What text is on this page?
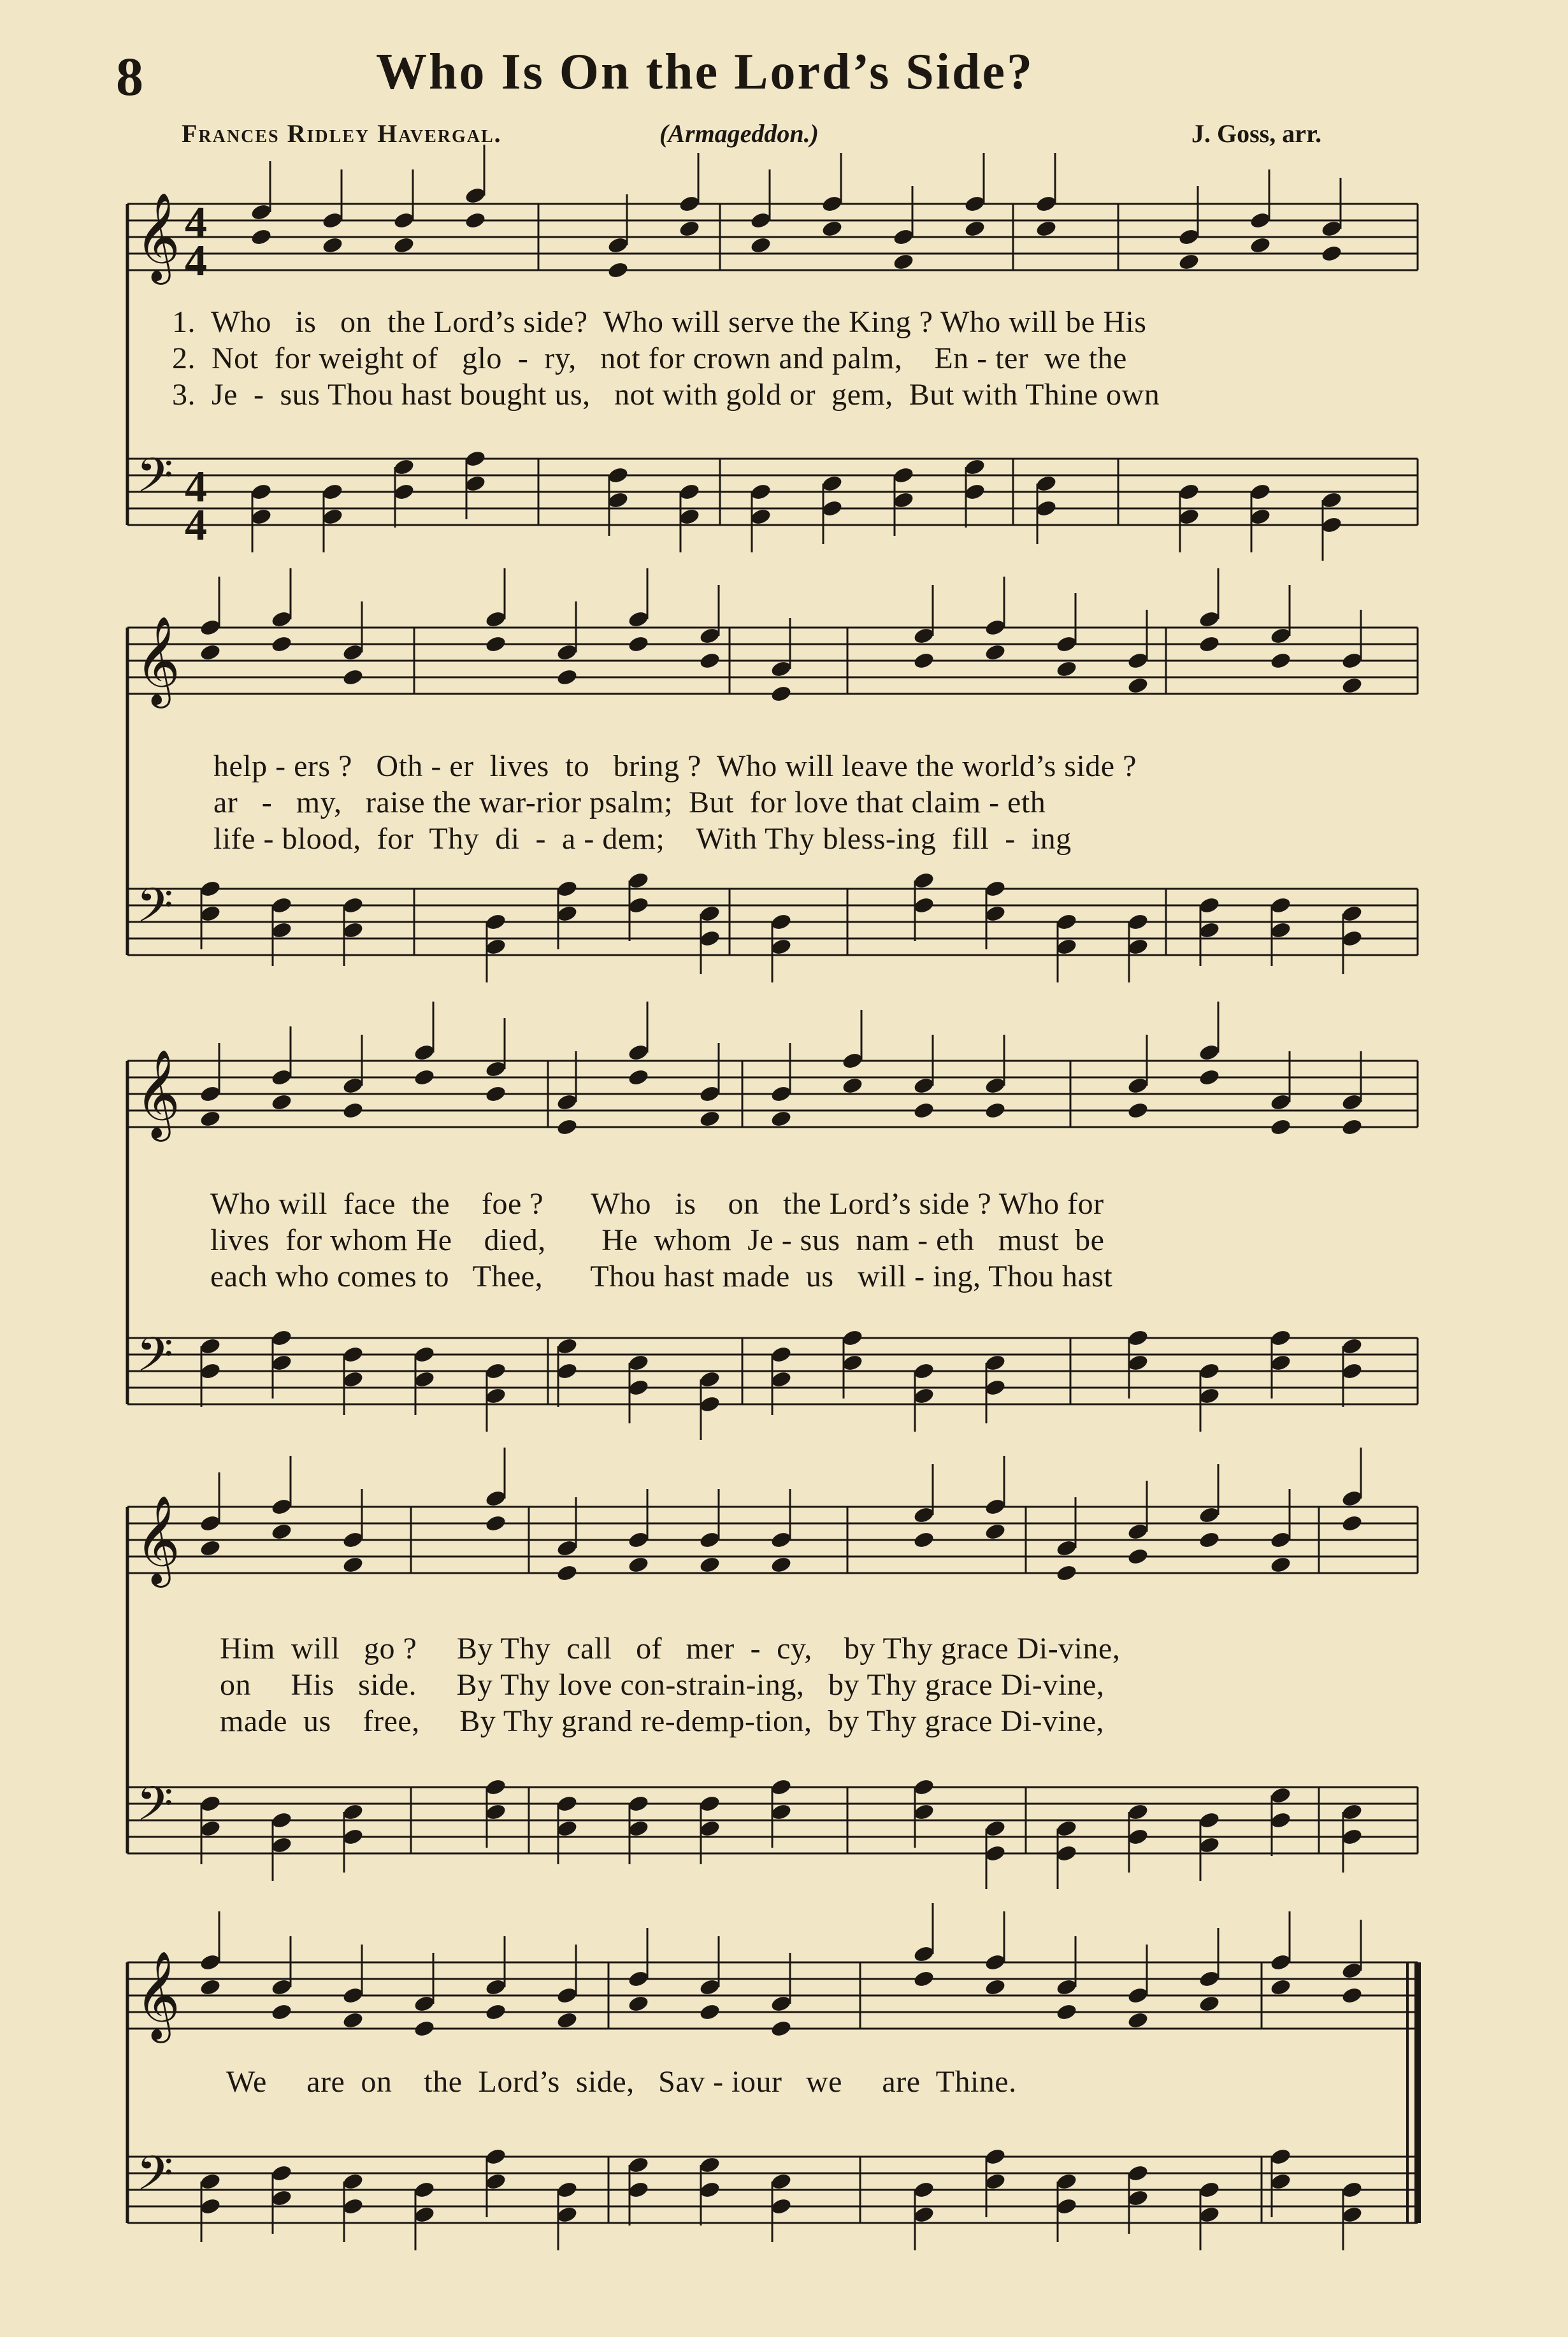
8	Who Is On the Lord’s Side?
Frances Ridley Havergal.	(Armageddon.)	J. Goss, arr.
𝄞
𝄢
𝄞
𝄢
𝄞
𝄢
𝄞
𝄢
𝄞
𝄢
4
4
4
4
1.  Who   is   on  the Lord’s side?  Who will serve the King ? Who will be His
2.  Not  for weight of   glo  -  ry,   not for crown and palm,    En - ter  we the
3.  Je  -  sus Thou hast bought us,   not with gold or  gem,  But with Thine own
help - ers ?   Oth - er  lives  to   bring ?  Who will leave the world’s side ?
ar   -   my,   raise the war-rior psalm;  But  for love that claim - eth
life - blood,  for  Thy  di  -  a - dem;    With Thy bless-ing  fill  -  ing
Who will  face  the    foe ?      Who   is    on   the Lord’s side ? Who for
lives  for whom He    died,       He  whom  Je - sus  nam - eth   must  be
each who comes to   Thee,      Thou hast made  us   will - ing, Thou hast
Him  will   go ?     By Thy  call   of   mer  -  cy,    by Thy grace Di-vine,
on     His   side.     By Thy love con-strain-ing,   by Thy grace Di-vine,
made  us    free,     By Thy grand re-demp-tion,  by Thy grace Di-vine,
We     are  on    the  Lord’s  side,   Sav - iour   we     are  Thine.
